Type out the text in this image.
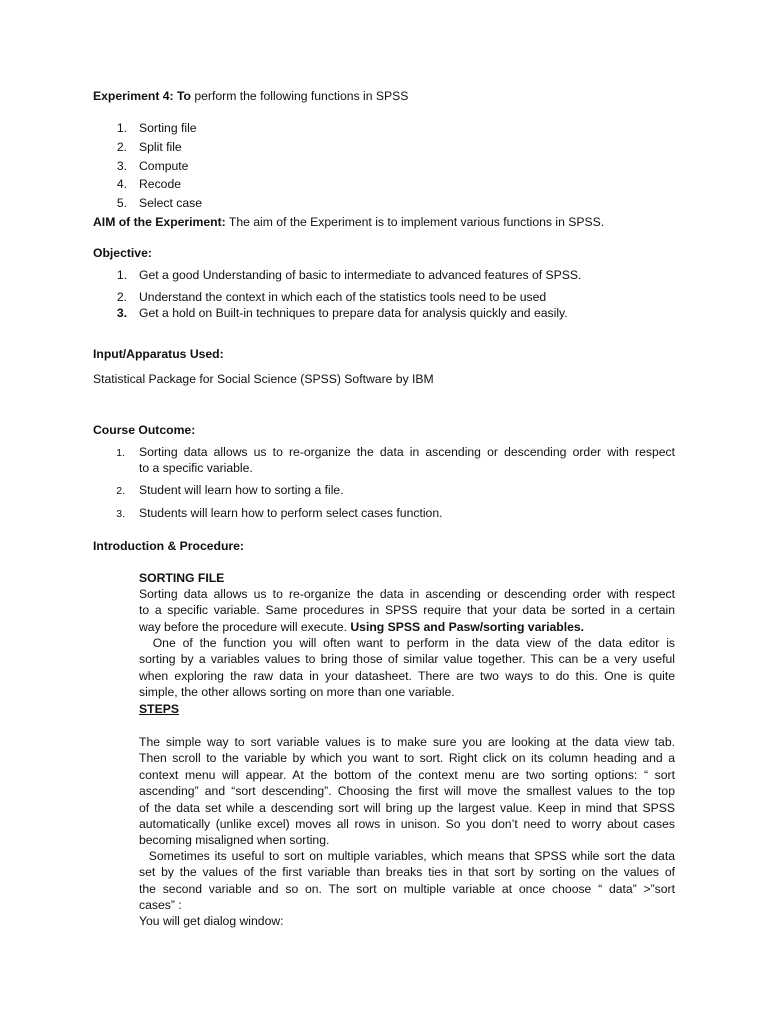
Experiment 4: To perform the following functions in SPSS
1. Sorting file
2. Split file
3. Compute
4. Recode
5. Select case
AIM of the Experiment: The aim of the Experiment is to implement various functions in SPSS.
Objective:
1. Get a good Understanding of basic to intermediate to advanced features of SPSS.
2. Understand the context in which each of the statistics tools need to be used
3. Get a hold on Built-in techniques to prepare data for analysis quickly and easily.
Input/Apparatus Used:
Statistical Package for Social Science (SPSS) Software by IBM
Course Outcome:
1. Sorting data allows us to re-organize the data in ascending or descending order with respect
to a specific variable.
2. Student will learn how to sorting a file.
3. Students will learn how to perform select cases function.
Introduction & Procedure:
SORTING FILE
Sorting data allows us to re-organize the data in ascending or descending order with respect
to a specific variable. Same procedures in SPSS require that your data be sorted in a certain
way before the procedure will execute. Using SPSS and Pasw/sorting variables.
One of the function you will often want to perform in the data view of the data editor is
sorting by a variables values to bring those of similar value together. This can be a very useful
when exploring the raw data in your datasheet. There are two ways to do this. One is quite
simple, the other allows sorting on more than one variable.
STEPS
The simple way to sort variable values is to make sure you are looking at the data view tab.
Then scroll to the variable by which you want to sort. Right click on its column heading and a
context menu will appear. At the bottom of the context menu are two sorting options: “ sort
ascending” and “sort descending”. Choosing the first will move the smallest values to the top
of the data set while a descending sort will bring up the largest value. Keep in mind that SPSS
automatically (unlike excel) moves all rows in unison. So you don’t need to worry about cases
becoming misaligned when sorting.
Sometimes its useful to sort on multiple variables, which means that SPSS while sort the data
set by the values of the first variable than breaks ties in that sort by sorting on the values of
the second variable and so on. The sort on multiple variable at once choose “ data” >”sort
cases” :
You will get dialog window:
